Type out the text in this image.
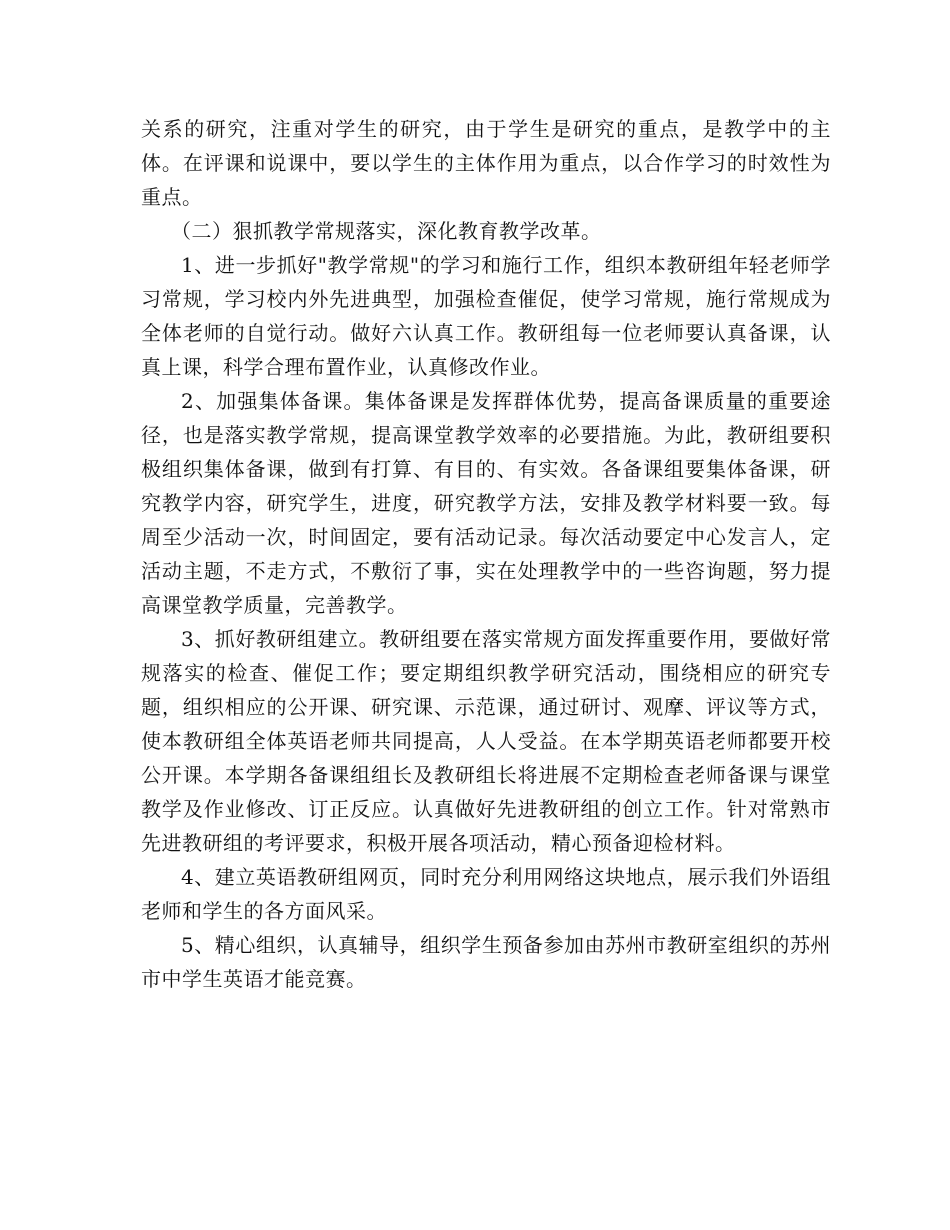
关系的研究，注重对学生的研究，由于学生是研究的重点，是教学中的主体。在评课和说课中，要以学生的主体作用为重点，以合作学习的时效性为重点。

（二）狠抓教学常规落实，深化教育教学改革。

1、进一步抓好"教学常规"的学习和施行工作，组织本教研组年轻老师学习常规，学习校内外先进典型，加强检查催促，使学习常规，施行常规成为全体老师的自觉行动。做好六认真工作。教研组每一位老师要认真备课，认真上课，科学合理布置作业，认真修改作业。

2、加强集体备课。集体备课是发挥群体优势，提高备课质量的重要途径，也是落实教学常规，提高课堂教学效率的必要措施。为此，教研组要积极组织集体备课，做到有打算、有目的、有实效。各备课组要集体备课，研究教学内容，研究学生，进度，研究教学方法，安排及教学材料要一致。每周至少活动一次，时间固定，要有活动记录。每次活动要定中心发言人，定活动主题，不走方式，不敷衍了事，实在处理教学中的一些咨询题，努力提高课堂教学质量，完善教学。

3、抓好教研组建立。教研组要在落实常规方面发挥重要作用，要做好常规落实的检查、催促工作；要定期组织教学研究活动，围绕相应的研究专题，组织相应的公开课、研究课、示范课，通过研讨、观摩、评议等方式，使本教研组全体英语老师共同提高，人人受益。在本学期英语老师都要开校公开课。本学期各备课组组长及教研组长将进展不定期检查老师备课与课堂教学及作业修改、订正反应。认真做好先进教研组的创立工作。针对常熟市先进教研组的考评要求，积极开展各项活动，精心预备迎检材料。

4、建立英语教研组网页，同时充分利用网络这块地点，展示我们外语组老师和学生的各方面风采。

5、精心组织，认真辅导，组织学生预备参加由苏州市教研室组织的苏州市中学生英语才能竞赛。
